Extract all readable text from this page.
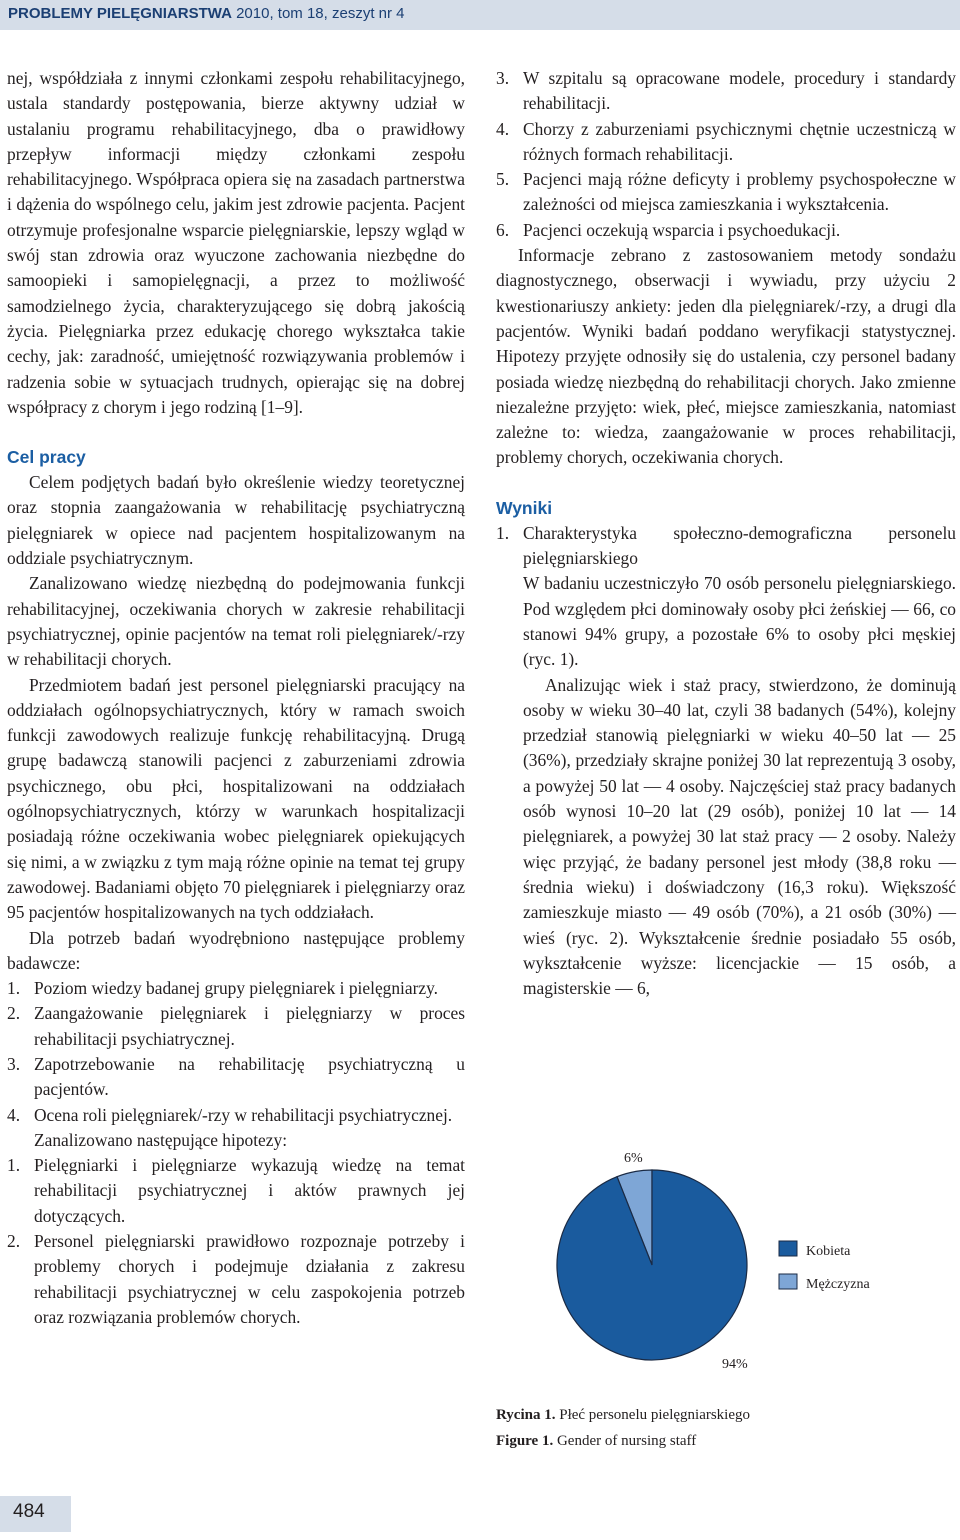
PROBLEMY PIELĘGNIARSTWA 2010, tom 18, zeszyt nr 4

nej, współdziała z innymi członkami zespołu rehabilitacyjnego, ustala standardy postępowania, bierze aktywny udział w ustalaniu programu rehabilitacyjnego, dba o prawidłowy przepływ informacji między członkami zespołu rehabilitacyjnego. Współpraca opiera się na zasadach partnerstwa i dążenia do wspólnego celu, jakim jest zdrowie pacjenta. Pacjent otrzymuje profesjonalne wsparcie pielęgniarskie, lepszy wgląd w swój stan zdrowia oraz wyuczone zachowania niezbędne do samoopieki i samopielęgnacji, a przez to możliwość samodzielnego życia, charakteryzującego się dobrą jakością życia. Pielęgniarka przez edukację chorego wykształca takie cechy, jak: zaradność, umiejętność rozwiązywania problemów i radzenia sobie w sytuacjach trudnych, opierając się na dobrej współpracy z chorym i jego rodziną [1–9].

Cel pracy

Celem podjętych badań było określenie wiedzy teoretycznej oraz stopnia zaangażowania w rehabilitację psychiatryczną pielęgniarek w opiece nad pacjentem hospitalizowanym na oddziale psychiatrycznym.

Zanalizowano wiedzę niezbędną do podejmowania funkcji rehabilitacyjnej, oczekiwania chorych w zakresie rehabilitacji psychiatrycznej, opinie pacjentów na temat roli pielęgniarek/-rzy w rehabilitacji chorych.

Przedmiotem badań jest personel pielęgniarski pracujący na oddziałach ogólnopsychiatrycznych, który w ramach swoich funkcji zawodowych realizuje funkcję rehabilitacyjną. Drugą grupę badawczą stanowili pacjenci z zaburzeniami zdrowia psychicznego, obu płci, hospitalizowani na oddziałach ogólnopsychiatrycznych, którzy w warunkach hospitalizacji posiadają różne oczekiwania wobec pielęgniarek opiekujących się nimi, a w związku z tym mają różne opinie na temat tej grupy zawodowej. Badaniami objęto 70 pielęgniarek i pielęgniarzy oraz 95 pacjentów hospitalizowanych na tych oddziałach.

Dla potrzeb badań wyodrębniono następujące problemy badawcze:

1. Poziom wiedzy badanej grupy pielęgniarek i pielęgniarzy.
2. Zaangażowanie pielęgniarek i pielęgniarzy w proces rehabilitacji psychiatrycznej.
3. Zapotrzebowanie na rehabilitację psychiatryczną u pacjentów.
4. Ocena roli pielęgniarek/-rzy w rehabilitacji psychiatrycznej.
Zanalizowano następujące hipotezy:
1. Pielęgniarki i pielęgniarze wykazują wiedzę na temat rehabilitacji psychiatrycznej i aktów prawnych jej dotyczących.
2. Personel pielęgniarski prawidłowo rozpoznaje potrzeby i problemy chorych i podejmuje działania z zakresu rehabilitacji psychiatrycznej w celu zaspokojenia potrzeb oraz rozwiązania problemów chorych.
3. W szpitalu są opracowane modele, procedury i standardy rehabilitacji.
4. Chorzy z zaburzeniami psychicznymi chętnie uczestniczą w różnych formach rehabilitacji.
5. Pacjenci mają różne deficyty i problemy psychospołeczne w zależności od miejsca zamieszkania i wykształcenia.
6. Pacjenci oczekują wsparcia i psychoedukacji.

Informacje zebrano z zastosowaniem metody sondażu diagnostycznego, obserwacji i wywiadu, przy użyciu 2 kwestionariuszy ankiety: jeden dla pielęgniarek/-rzy, a drugi dla pacjentów. Wyniki badań poddano weryfikacji statystycznej. Hipotezy przyjęte odnosiły się do ustalenia, czy personel badany posiada wiedzę niezbędną do rehabilitacji chorych. Jako zmienne niezależne przyjęto: wiek, płeć, miejsce zamieszkania, natomiast zależne to: wiedza, zaangażowanie w proces rehabilitacji, problemy chorych, oczekiwania chorych.

Wyniki
1. Charakterystyka społeczno-demograficzna personelu pielęgniarskiego

W badaniu uczestniczyło 70 osób personelu pielęgniarskiego. Pod względem płci dominowały osoby płci żeńskiej — 66, co stanowi 94% grupy, a pozostałe 6% to osoby płci męskiej (ryc. 1).

Analizując wiek i staż pracy, stwierdzono, że dominują osoby w wieku 30–40 lat, czyli 38 badanych (54%), kolejny przedział stanowią pielęgniarki w wieku 40–50 lat — 25 (36%), przedziały skrajne poniżej 30 lat reprezentują 3 osoby, a powyżej 50 lat — 4 osoby. Najczęściej staż pracy badanych osób wynosi 10–20 lat (29 osób), poniżej 10 lat — 14 pielęgniarek, a powyżej 30 lat staż pracy — 2 osoby. Należy więc przyjąć, że badany personel jest młody (38,8 roku — średnia wieku) i doświadczony (16,3 roku). Większość zamieszkuje miasto — 49 osób (70%), a 21 osób (30%) — wieś (ryc. 2). Wykształcenie średnie posiadało 55 osób, wykształcenie wyższe: licencjackie — 15 osób, a magisterskie — 6,

94%
6%
Kobieta
Mężczyzna
Rycina 1. Płeć personelu pielęgniarskiego
Figure 1. Gender of nursing staff
484
